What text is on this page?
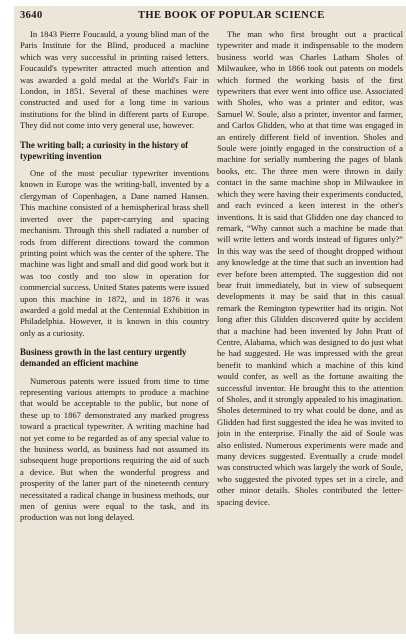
3640	THE BOOK OF POPULAR SCIENCE

In 1843 Pierre Foucauld, a young blind man of the Paris Institute for the Blind, produced a machine which was very successful in printing raised letters. Foucauld's typewriter attracted much attention and was awarded a gold medal at the World's Fair in London, in 1851. Several of these machines were constructed and used for a long time in various institutions for the blind in different parts of Europe. They did not come into very general use, however.

The writing ball; a curiosity in the history of typewriting invention

One of the most peculiar typewriter inventions known in Europe was the writing-ball, invented by a clergyman of Copenhagen, a Dane named Hansen. This machine consisted of a hemispherical brass shell inverted over the paper-carrying and spacing mechanism. Through this shell radiated a number of rods from different directions toward the common printing point which was the center of the sphere. The machine was light and small and did good work but it was too costly and too slow in operation for commercial success. United States patents were issued upon this machine in 1872, and in 1876 it was awarded a gold medal at the Centennial Exhibition in Philadelphia. However, it is known in this country only as a curiosity.

Business growth in the last century urgently demanded an efficient machine

Numerous patents were issued from time to time representing various attempts to produce a machine that would be acceptable to the public, but none of these up to 1867 demonstrated any marked progress toward a practical typewriter. A writing machine had not yet come to be regarded as of any special value to the business world, as business had not assumed its subsequent huge proportions requiring the aid of such a device. But when the wonderful progress and prosperity of the latter part of the nineteenth century necessitated a radical change in business methods, our men of genius were equal to the task, and its production was not long delayed.

The man who first brought out a practical typewriter and made it indispensable to the modern business world was Charles Latham Sholes of Milwaukee, who in 1866 took out patents on models which formed the working basis of the first typewriters that ever went into office use. Associated with Sholes, who was a printer and editor, was Samuel W. Soule, also a printer, inventor and farmer, and Carlos Glidden, who at that time was engaged in an entirely different field of invention. Sholes and Soule were jointly engaged in the construction of a machine for serially numbering the pages of blank books, etc. The three men were thrown in daily contact in the same machine shop in Milwaukee in which they were having their experiments conducted, and each evinced a keen interest in the other's inventions. It is said that Glidden one day chanced to remark, “Why cannot such a machine be made that will write letters and words instead of figures only?” In this way was the seed of thought dropped without any knowledge at the time that such an invention had ever before been attempted. The suggestion did not bear fruit immediately, but in view of subsequent developments it may be said that in this casual remark the Remington typewriter had its origin. Not long after this Glidden discovered quite by accident that a machine had been invented by John Pratt of Centre, Alabama, which was designed to do just what he had suggested. He was impressed with the great benefit to mankind which a machine of this kind would confer, as well as the fortune awaiting the successful inventor. He brought this to the attention of Sholes, and it strongly appealed to his imagination. Sholes determined to try what could be done, and as Glidden had first suggested the idea he was invited to join in the enterprise. Finally the aid of Soule was also enlisted. Numerous experiments were made and many devices suggested. Eventually a crude model was constructed which was largely the work of Soule, who suggested the pivoted types set in a circle, and other minor details. Sholes contributed the letter-spacing device.
